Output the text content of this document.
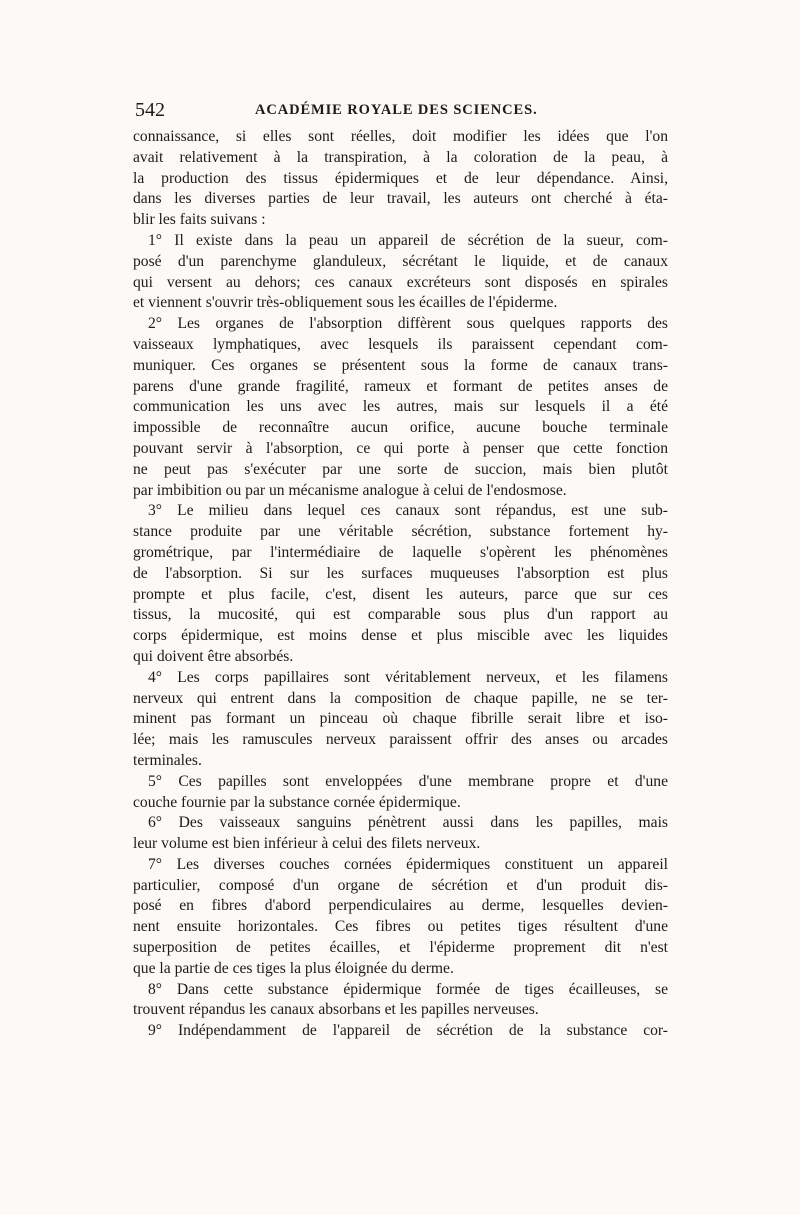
542	ACADÉMIE ROYALE DES SCIENCES.
connaissance, si elles sont réelles, doit modifier les idées que l'on
avait relativement à la transpiration, à la coloration de la peau, à
la production des tissus épidermiques et de leur dépendance. Ainsi,
dans les diverses parties de leur travail, les auteurs ont cherché à éta-
blir les faits suivans :
1° Il existe dans la peau un appareil de sécrétion de la sueur, com-
posé d'un parenchyme glanduleux, sécrétant le liquide, et de canaux
qui versent au dehors; ces canaux excréteurs sont disposés en spirales
et viennent s'ouvrir très-obliquement sous les écailles de l'épiderme.
2° Les organes de l'absorption diffèrent sous quelques rapports des
vaisseaux lymphatiques, avec lesquels ils paraissent cependant com-
muniquer. Ces organes se présentent sous la forme de canaux trans-
parens d'une grande fragilité, rameux et formant de petites anses de
communication les uns avec les autres, mais sur lesquels il a été
impossible de reconnaître aucun orifice, aucune bouche terminale
pouvant servir à l'absorption, ce qui porte à penser que cette fonction
ne peut pas s'exécuter par une sorte de succion, mais bien plutôt
par imbibition ou par un mécanisme analogue à celui de l'endosmose.
3° Le milieu dans lequel ces canaux sont répandus, est une sub-
stance produite par une véritable sécrétion, substance fortement hy-
grométrique, par l'intermédiaire de laquelle s'opèrent les phénomènes
de l'absorption. Si sur les surfaces muqueuses l'absorption est plus
prompte et plus facile, c'est, disent les auteurs, parce que sur ces
tissus, la mucosité, qui est comparable sous plus d'un rapport au
corps épidermique, est moins dense et plus miscible avec les liquides
qui doivent être absorbés.
4° Les corps papillaires sont véritablement nerveux, et les filamens
nerveux qui entrent dans la composition de chaque papille, ne se ter-
minent pas formant un pinceau où chaque fibrille serait libre et iso-
lée; mais les ramuscules nerveux paraissent offrir des anses ou arcades
terminales.
5° Ces papilles sont enveloppées d'une membrane propre et d'une
couche fournie par la substance cornée épidermique.
6° Des vaisseaux sanguins pénètrent aussi dans les papilles, mais
leur volume est bien inférieur à celui des filets nerveux.
7° Les diverses couches cornées épidermiques constituent un appareil
particulier, composé d'un organe de sécrétion et d'un produit dis-
posé en fibres d'abord perpendiculaires au derme, lesquelles devien-
nent ensuite horizontales. Ces fibres ou petites tiges résultent d'une
superposition de petites écailles, et l'épiderme proprement dit n'est
que la partie de ces tiges la plus éloignée du derme.
8° Dans cette substance épidermique formée de tiges écailleuses, se
trouvent répandus les canaux absorbans et les papilles nerveuses.
9° Indépendamment de l'appareil de sécrétion de la substance cor-
